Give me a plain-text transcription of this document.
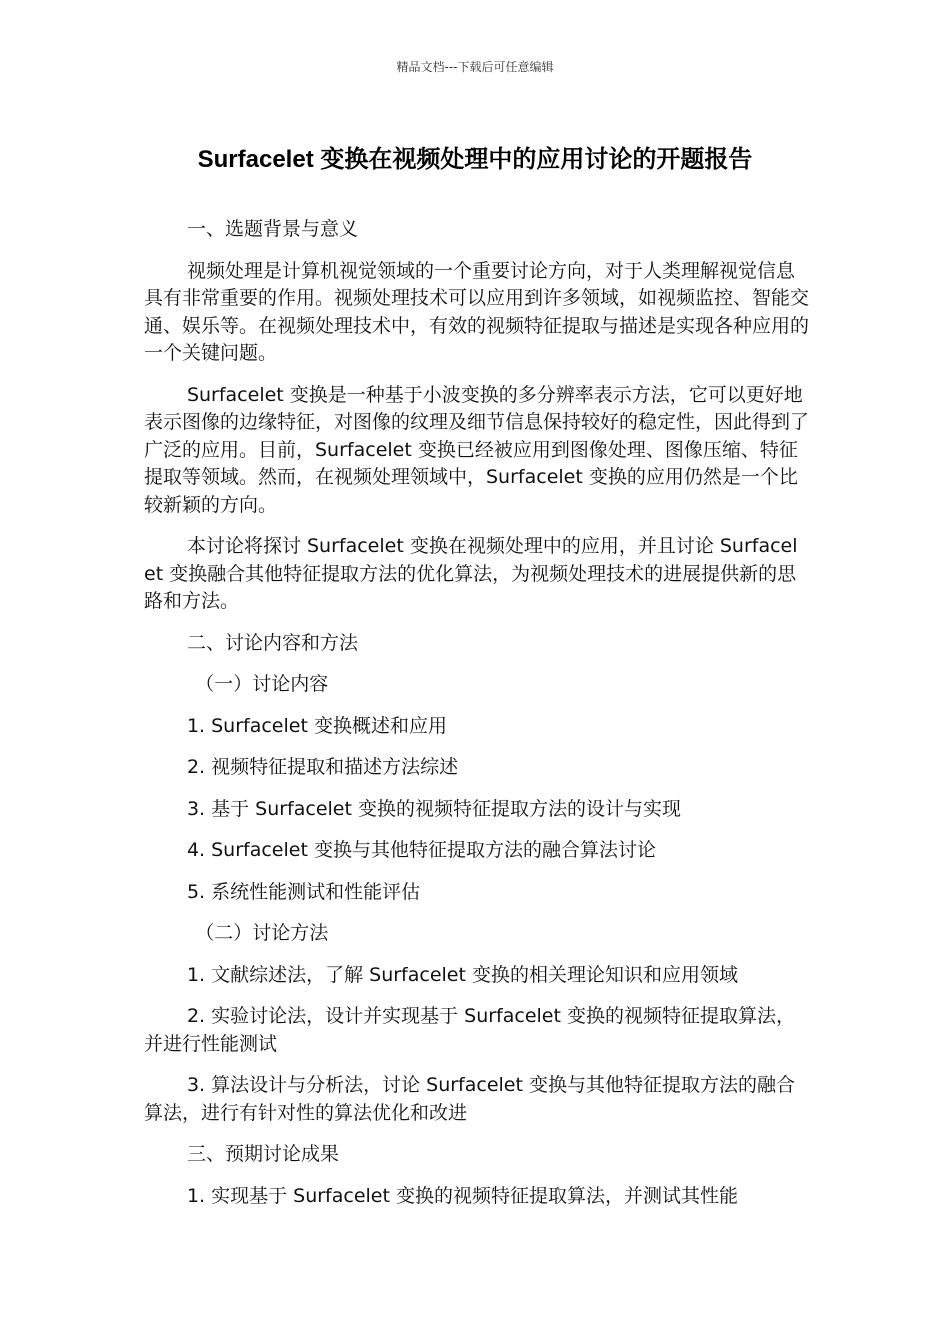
精品文档---下载后可任意编辑
Surfacelet 变换在视频处理中的应用讨论的开题报告

一、选题背景与意义

视频处理是计算机视觉领域的一个重要讨论方向，对于人类理解视觉信息具有非常重要的作用。视频处理技术可以应用到许多领域，如视频监控、智能交通、娱乐等。在视频处理技术中，有效的视频特征提取与描述是实现各种应用的一个关键问题。

Surfacelet 变换是一种基于小波变换的多分辨率表示方法，它可以更好地表示图像的边缘特征，对图像的纹理及细节信息保持较好的稳定性，因此得到了广泛的应用。目前，Surfacelet 变换已经被应用到图像处理、图像压缩、特征提取等领域。然而，在视频处理领域中，Surfacelet 变换的应用仍然是一个比较新颖的方向。

本讨论将探讨 Surfacelet 变换在视频处理中的应用，并且讨论 Surfacelet 变换融合其他特征提取方法的优化算法，为视频处理技术的进展提供新的思路和方法。

二、讨论内容和方法

（一）讨论内容

1. Surfacelet 变换概述和应用

2. 视频特征提取和描述方法综述

3. 基于 Surfacelet 变换的视频特征提取方法的设计与实现

4. Surfacelet 变换与其他特征提取方法的融合算法讨论

5. 系统性能测试和性能评估

（二）讨论方法

1. 文献综述法，了解 Surfacelet 变换的相关理论知识和应用领域

2. 实验讨论法，设计并实现基于 Surfacelet 变换的视频特征提取算法，并进行性能测试

3. 算法设计与分析法，讨论 Surfacelet 变换与其他特征提取方法的融合算法，进行有针对性的算法优化和改进

三、预期讨论成果

1. 实现基于 Surfacelet 变换的视频特征提取算法，并测试其性能
